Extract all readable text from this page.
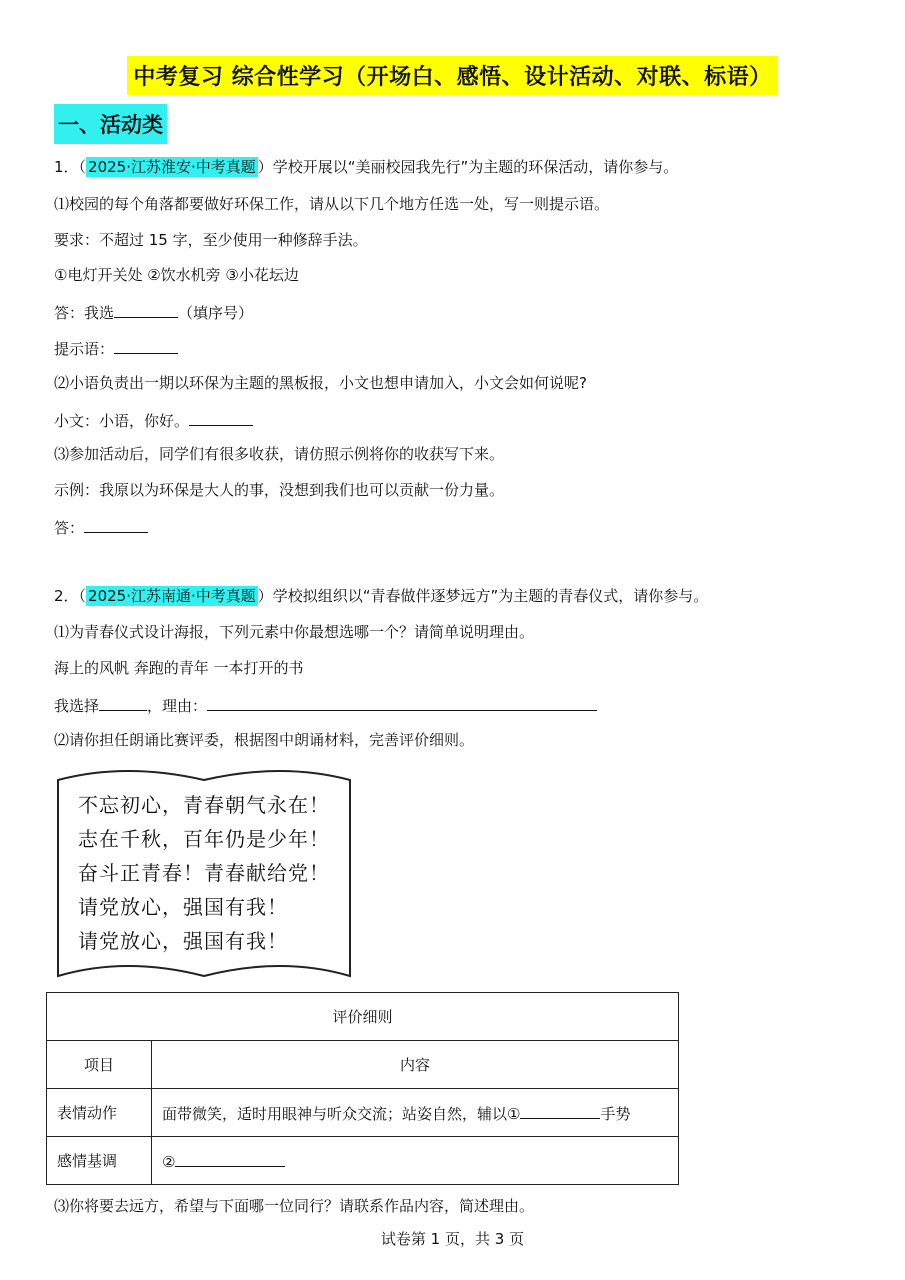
中考复习 综合性学习（开场白、感悟、设计活动、对联、标语）
一、活动类
1．（ 2025·江苏淮安·中考真题 ）学校开展以“美丽校园我先行”为主题的环保活动，请你参与。
⑴校园的每个角落都要做好环保工作，请从以下几个地方任选一处，写一则提示语。
要求：不超过 15 字，至少使用一种修辞手法。
①电灯开关处 ②饮水机旁 ③小花坛边
答：我选	（填序号）
提示语：
⑵小语负责出一期以环保为主题的黑板报，小文也想申请加入，小文会如何说呢?
小文：小语，你好。
⑶参加活动后，同学们有很多收获，请仿照示例将你的收获写下来。
示例：我原以为环保是大人的事，没想到我们也可以贡献一份力量。
答：
2．（ 2025·江苏南通·中考真题 ）学校拟组织以“青春做伴逐梦远方”为主题的青春仪式，请你参与。
⑴为青春仪式设计海报，下列元素中你最想选哪一个？请简单说明理由。
海上的风帆 奔跑的青年 一本打开的书
我选择	，理由：
⑵请你担任朗诵比赛评委，根据图中朗诵材料，完善评价细则。
不忘初心，青春朝气永在！
志在千秋，百年仍是少年！
奋斗正青春！青春献给党！
请党放心，强国有我！
请党放心，强国有我！
评价细则	
项目	内容
表情动作	面带微笑，适时用眼神与听众交流；站姿自然，辅以① 手势
感情基调	②
⑶你将要去远方，希望与下面哪一位同行？请联系作品内容，简述理由。
试卷第 1 页，共 3 页
